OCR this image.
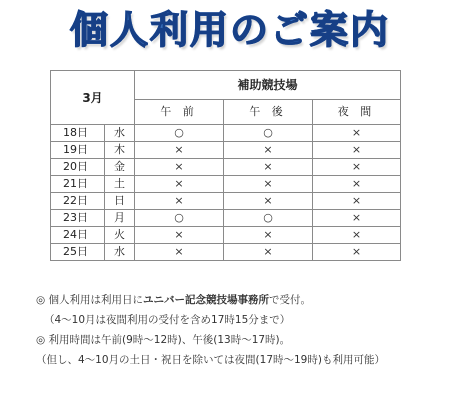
個人利用のご案内
3月		補助競技場		
		午 前	午 後	夜 間
18日	水	○	○	×
19日	木	×	×	×
20日	金	×	×	×
21日	土	×	×	×
22日	日	×	×	×
23日	月	○	○	×
24日	火	×	×	×
25日	水	×	×	×
◎ 個人利用は利用日にユニバー記念競技場事務所で受付。
（4～10月は夜間利用の受付を含め17時15分まで）
◎ 利用時間は午前(9時～12時)、午後(13時～17時)。
（但し、4～10月の土日・祝日を除いては夜間(17時～19時)も利用可能）
